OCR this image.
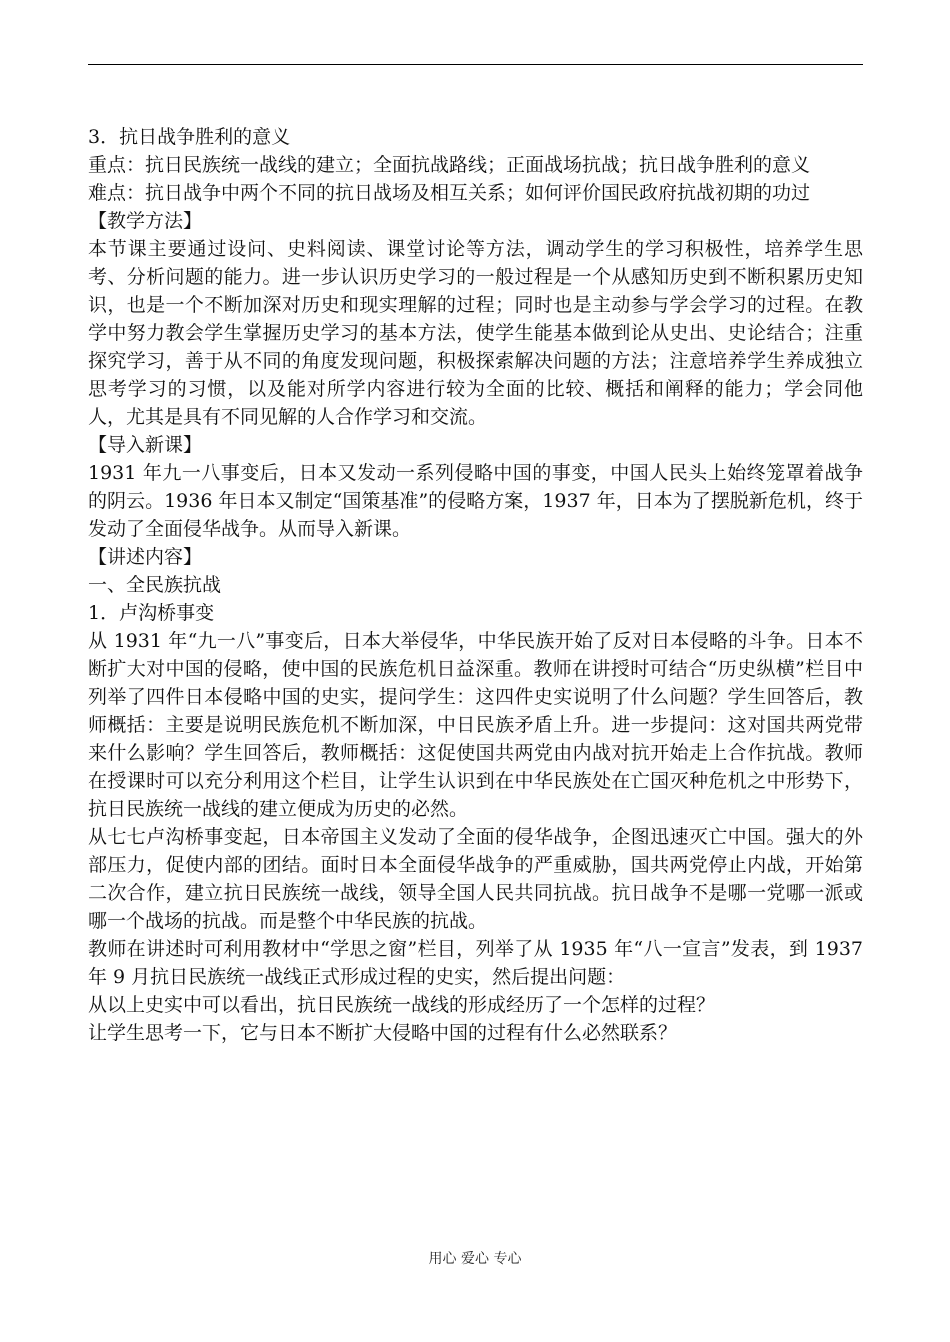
3．抗日战争胜利的意义

重点：抗日民族统一战线的建立；全面抗战路线；正面战场抗战；抗日战争胜利的意义

难点：抗日战争中两个不同的抗日战场及相互关系；如何评价国民政府抗战初期的功过

【教学方法】

本节课主要通过设问、史料阅读、课堂讨论等方法，调动学生的学习积极性，培养学生思考、分析问题的能力。进一步认识历史学习的一般过程是一个从感知历史到不断积累历史知识，也是一个不断加深对历史和现实理解的过程；同时也是主动参与学会学习的过程。在教学中努力教会学生掌握历史学习的基本方法，使学生能基本做到论从史出、史论结合；注重探究学习，善于从不同的角度发现问题，积极探索解决问题的方法；注意培养学生养成独立思考学习的习惯，以及能对所学内容进行较为全面的比较、概括和阐释的能力；学会同他人，尤其是具有不同见解的人合作学习和交流。

【导入新课】

1931 年九一八事变后，日本又发动一系列侵略中国的事变，中国人民头上始终笼罩着战争的阴云。1936 年日本又制定“国策基准”的侵略方案，1937 年，日本为了摆脱新危机，终于发动了全面侵华战争。从而导入新课。

【讲述内容】

一、全民族抗战

1．卢沟桥事变

从 1931 年“九一八”事变后，日本大举侵华，中华民族开始了反对日本侵略的斗争。日本不断扩大对中国的侵略，使中国的民族危机日益深重。教师在讲授时可结合“历史纵横”栏目中列举了四件日本侵略中国的史实，提问学生：这四件史实说明了什么问题？学生回答后，教师概括：主要是说明民族危机不断加深，中日民族矛盾上升。进一步提问：这对国共两党带来什么影响？学生回答后，教师概括：这促使国共两党由内战对抗开始走上合作抗战。教师在授课时可以充分利用这个栏目，让学生认识到在中华民族处在亡国灭种危机之中形势下，抗日民族统一战线的建立便成为历史的必然。

从七七卢沟桥事变起，日本帝国主义发动了全面的侵华战争，企图迅速灭亡中国。强大的外部压力，促使内部的团结。面时日本全面侵华战争的严重威胁，国共两党停止内战，开始第二次合作，建立抗日民族统一战线，领导全国人民共同抗战。抗日战争不是哪一党哪一派或哪一个战场的抗战。而是整个中华民族的抗战。

教师在讲述时可利用教材中“学思之窗”栏目，列举了从 1935 年“八一宣言”发表，到 1937 年 9 月抗日民族统一战线正式形成过程的史实，然后提出问题：

从以上史实中可以看出，抗日民族统一战线的形成经历了一个怎样的过程？

让学生思考一下，它与日本不断扩大侵略中国的过程有什么必然联系？

用心 爱心 专心
